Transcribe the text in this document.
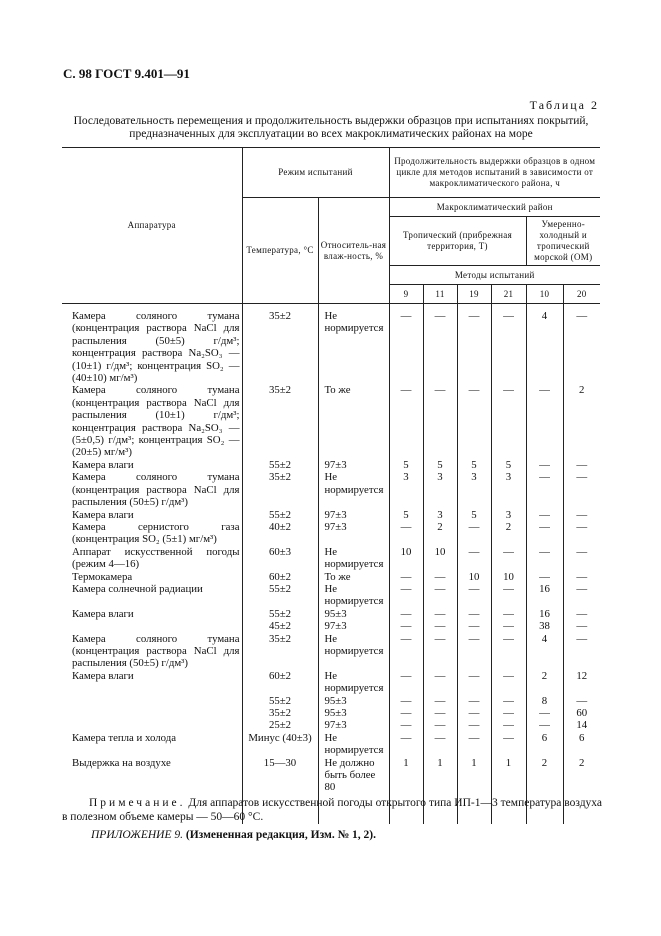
С. 98 ГОСТ 9.401—91
Таблица 2
Последовательность перемещения и продолжительность выдержки образцов при испытаниях покрытий, предназначенных для эксплуатации во всех макроклиматических районах на море
Аппаратура	Режим испытаний		Продолжительность выдержки образцов в одном цикле для методов испытаний в зависимости от макроклиматического района, ч					
	Температура, °С	Относитель-ная влаж-ность, %	Макроклиматический район					
			Тропический (прибрежная территория, Т)				Умеренно-холодный и тропический морской (ОМ)	
			Методы испытаний					
			9	11	19	21	10	20

Камера соляного тумана (концентрация раствора NaCl для распыления (50±5) г/дм³; концентрация раствора Na₂SO₃ — (10±1) г/дм³; концентрация SO₂ — (40±10) мг/м³)	35±2	Не нормируется	—	—	—	—	4	—

Камера соляного тумана (концентрация раствора NaCl для распыления (10±1) г/дм³; концентрация раствора Na₂SO₃ — (5±0,5) г/дм³; концентрация SO₂ — (20±5) мг/м³)	35±2	То же	—	—	—	—	—	2

Камера влаги	55±2	97±3	5	5	5	5	—	—

Камера соляного тумана (концентрация раствора NaCl для распыления (50±5) г/дм³)	35±2	Не нормируется	3	3	3	3	—	—

Камера влаги	55±2	97±3	5	3	5	3	—	—

Камера сернистого газа (концентрация SO₂ (5±1) мг/м³)	40±2	97±3	—	2	—	2	—	—

Аппарат искусственной погоды (режим 4—16)	60±3	Не нормируется	10	10	—	—	—	—

Термокамера	60±2	То же	—	—	10	10	—	—

Камера солнечной радиации	55±2	Не нормируется	—	—	—	—	16	—

Камера влаги	55±2	95±3	—	—	—	—	16	—

	45±2	97±3	—	—	—	—	38	—

Камера соляного тумана (концентрация раствора NaCl для распыления (50±5) г/дм³)	35±2	Не нормируется	—	—	—	—	4	—

Камера влаги	60±2	Не нормируется	—	—	—	—	2	12

	55±2	95±3	—	—	—	—	8	—

	35±2	95±3	—	—	—	—	—	60

	25±2	97±3	—	—	—	—	—	14

Камера тепла и холода	Минус (40±3)	Не нормируется	—	—	—	—	6	6

Выдержка на воздухе	15—30	Не должно быть более 80	1	1	1	1	2	2
Примечание. Для аппаратов искусственной погоды открытого типа ИП-1—3 температура воздуха в полезном объеме камеры — 50—60 °С.
ПРИЛОЖЕНИЕ 9. (Измененная редакция, Изм. № 1, 2).
